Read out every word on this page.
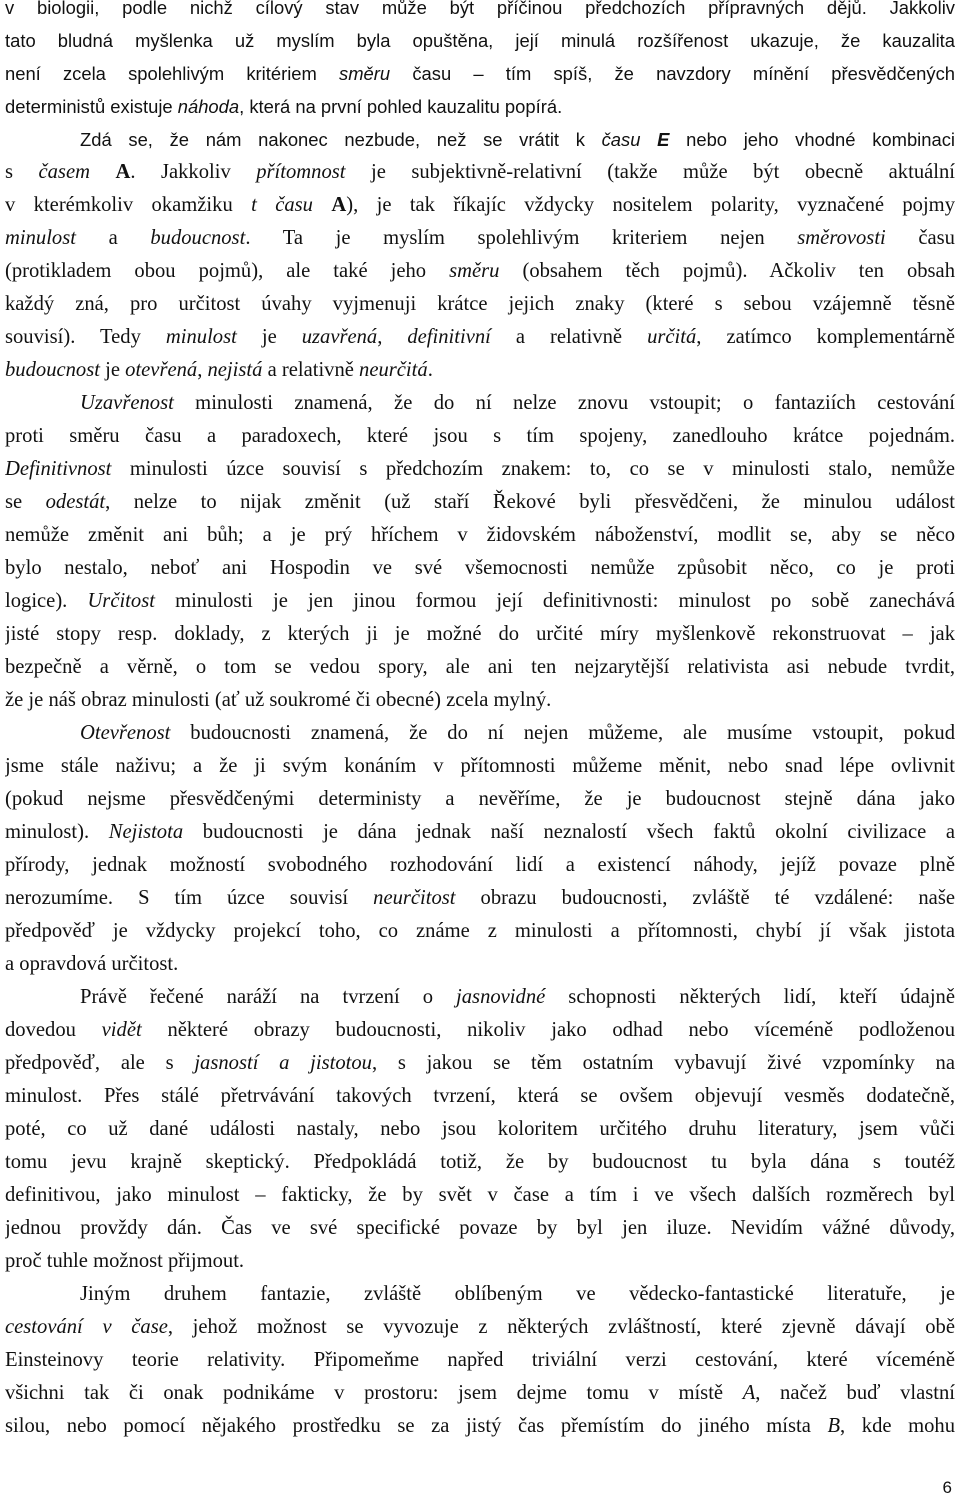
v biologii, podle nichž cílový stav může být příčinou předchozích přípravných dějů. Jakkoliv
tato bludná myšlenka už myslím byla opuštěna, její minulá rozšířenost ukazuje, že kauzalita
není zcela spolehlivým kritériem směru času – tím spíš, že navzdory mínění přesvědčených
deterministů existuje náhoda, která na první pohled kauzalitu popírá.
Zdá se, že nám nakonec nezbude, než se vrátit k času E nebo jeho vhodné kombinaci
s časem A. Jakkoliv přítomnost je subjektivně-relativní (takže může být obecně aktuální
v kterémkoliv okamžiku t času A), je tak říkajíc vždycky nositelem polarity, vyznačené pojmy
minulost a budoucnost. Ta je myslím spolehlivým kriteriem nejen směrovosti času
(protikladem obou pojmů), ale také jeho směru (obsahem těch pojmů). Ačkoliv ten obsah
každý zná, pro určitost úvahy vyjmenuji krátce jejich znaky (které s sebou vzájemně těsně
souvisí). Tedy minulost je uzavřená, definitivní a relativně určitá, zatímco komplementárně
budoucnost je otevřená, nejistá a relativně neurčitá.
Uzavřenost minulosti znamená, že do ní nelze znovu vstoupit; o fantaziích cestování
proti směru času a paradoxech, které jsou s tím spojeny, zanedlouho krátce pojednám.
Definitivnost minulosti úzce souvisí s předchozím znakem: to, co se v minulosti stalo, nemůže
se odestát, nelze to nijak změnit (už staří Řekové byli přesvědčeni, že minulou událost
nemůže změnit ani bůh; a je prý hříchem v židovském náboženství, modlit se, aby se něco
bylo nestalo, neboť ani Hospodin ve své všemocnosti nemůže způsobit něco, co je proti
logice). Určitost minulosti je jen jinou formou její definitivnosti: minulost po sobě zanechává
jisté stopy resp. doklady, z kterých ji je možné do určité míry myšlenkově rekonstruovat – jak
bezpečně a věrně, o tom se vedou spory, ale ani ten nejzarytější relativista asi nebude tvrdit,
že je náš obraz minulosti (ať už soukromé či obecné) zcela mylný.
Otevřenost budoucnosti znamená, že do ní nejen můžeme, ale musíme vstoupit, pokud
jsme stále naživu; a že ji svým konáním v přítomnosti můžeme měnit, nebo snad lépe ovlivnit
(pokud nejsme přesvědčenými deterministy a nevěříme, že je budoucnost stejně dána jako
minulost). Nejistota budoucnosti je dána jednak naší neznalostí všech faktů okolní civilizace a
přírody, jednak možností svobodného rozhodování lidí a existencí náhody, jejíž povaze plně
nerozumíme. S tím úzce souvisí neurčitost obrazu budoucnosti, zvláště té vzdálené: naše
předpověď je vždycky projekcí toho, co známe z minulosti a přítomnosti, chybí jí však jistota
a opravdová určitost.
Právě řečené naráží na tvrzení o jasnovidné schopnosti některých lidí, kteří údajně
dovedou vidět některé obrazy budoucnosti, nikoliv jako odhad nebo víceméně podloženou
předpověď, ale s jasností a jistotou, s jakou se těm ostatním vybavují živé vzpomínky na
minulost. Přes stálé přetrvávání takových tvrzení, která se ovšem objevují vesměs dodatečně,
poté, co už dané události nastaly, nebo jsou koloritem určitého druhu literatury, jsem vůči
tomu jevu krajně skeptický. Předpokládá totiž, že by budoucnost tu byla dána s toutéž
definitivou, jako minulost – fakticky, že by svět v čase a tím i ve všech dalších rozměrech byl
jednou provždy dán. Čas ve své specifické povaze by byl jen iluze. Nevidím vážné důvody,
proč tuhle možnost přijmout.
Jiným druhem fantazie, zvláště oblíbeným ve vědecko-fantastické literatuře, je
cestování v čase, jehož možnost se vyvozuje z některých zvláštností, které zjevně dávají obě
Einsteinovy teorie relativity. Připomeňme napřed triviální verzi cestování, které víceméně
všichni tak či onak podnikáme v prostoru: jsem dejme tomu v místě A, načež buď vlastní
silou, nebo pomocí nějakého prostředku se za jistý čas přemístím do jiného místa B, kde mohu
6
